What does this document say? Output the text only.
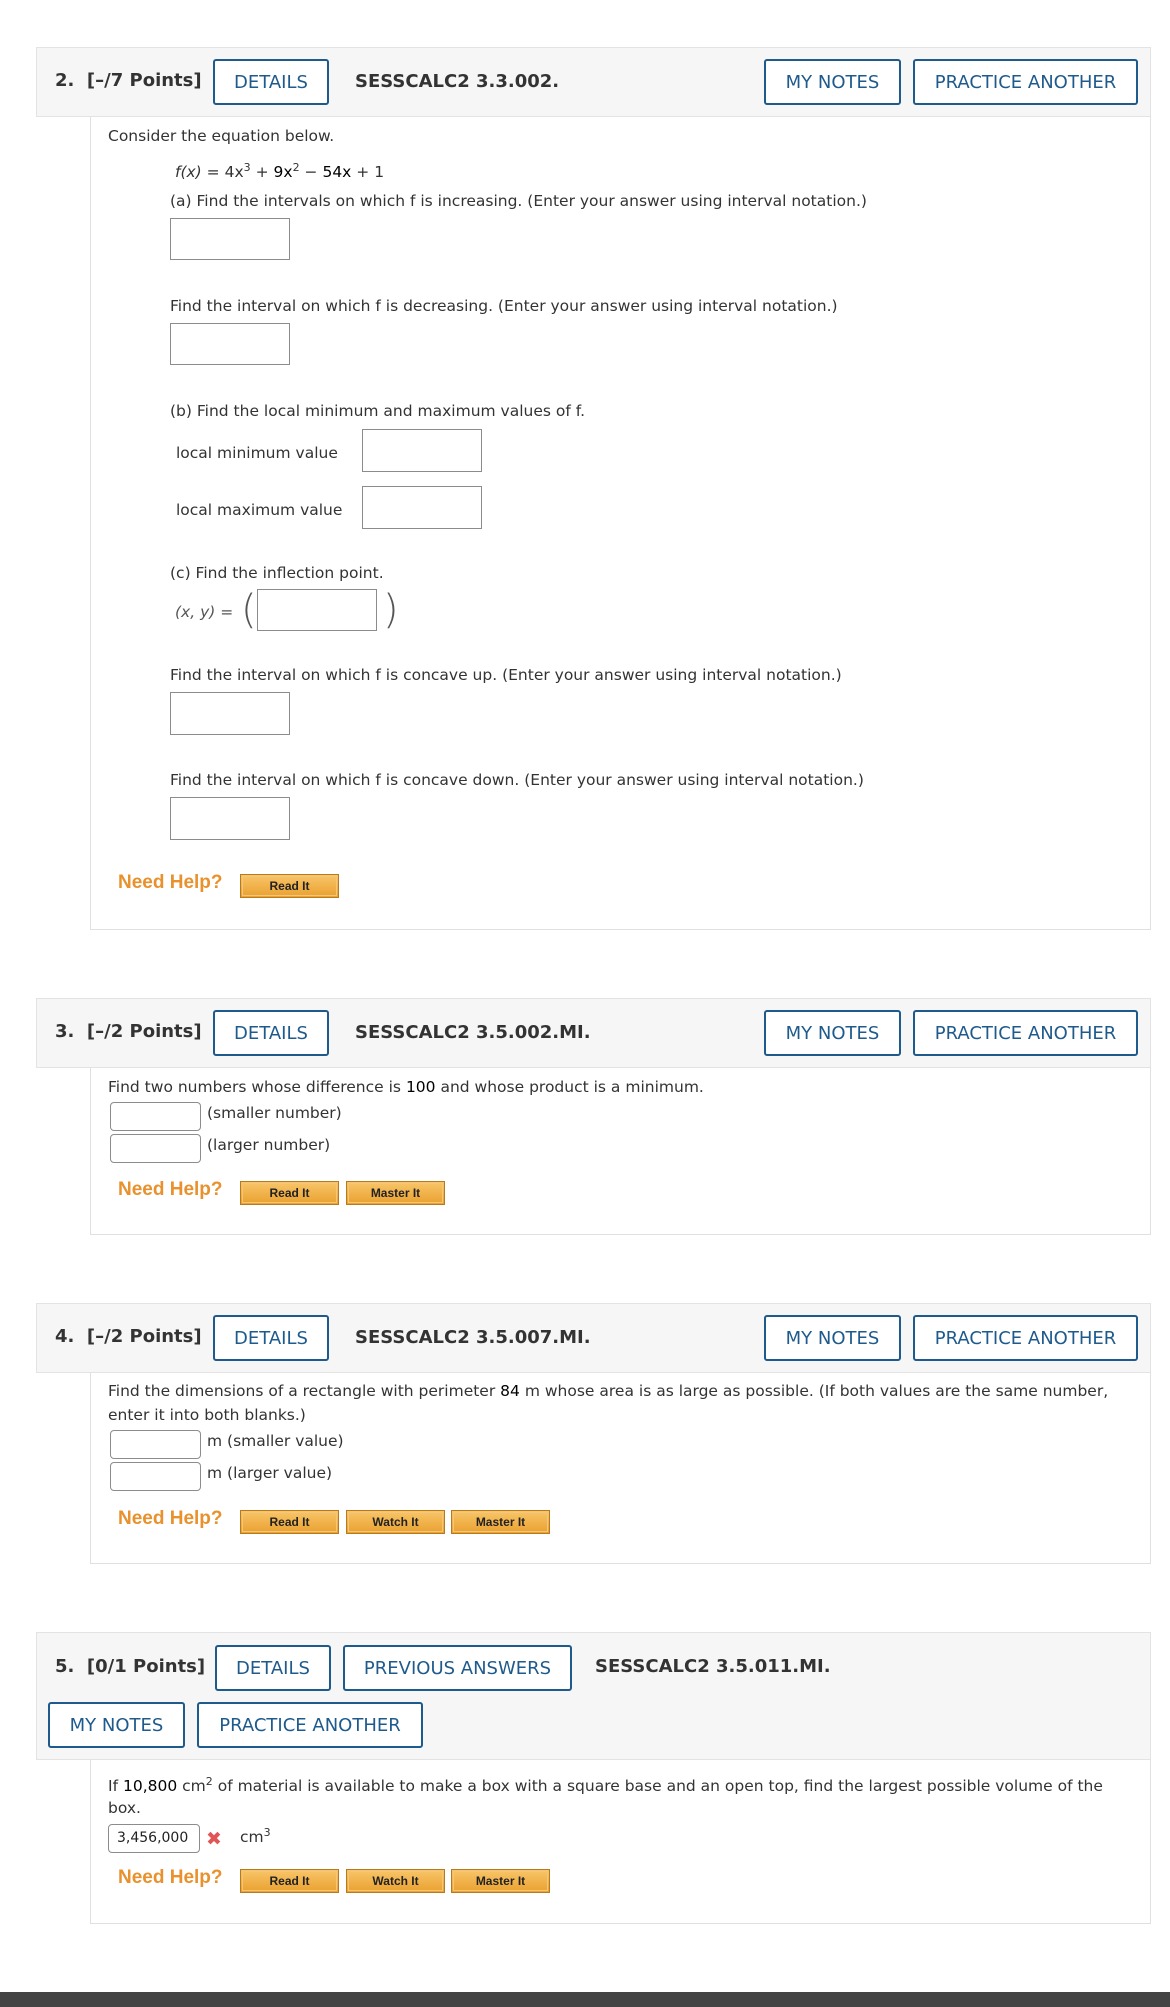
2. [–/7 Points]	DETAILS	SESSCALC2 3.3.002.	MY NOTES	PRACTICE ANOTHER
Consider the equation below.
$f(x) = 4x^3 + 9x^2 - 54x + 1$
(a) Find the intervals on which f is increasing. (Enter your answer using interval notation.)
Find the interval on which f is decreasing. (Enter your answer using interval notation.)
(b) Find the local minimum and maximum values of f.
local minimum value
local maximum value
(c) Find the inflection point.
(x, y) = (	)
Find the interval on which f is concave up. (Enter your answer using interval notation.)
Find the interval on which f is concave down. (Enter your answer using interval notation.)
Need Help?	Read It
3. [–/2 Points]	DETAILS	SESSCALC2 3.5.002.MI.	MY NOTES	PRACTICE ANOTHER
Find two numbers whose difference is 100 and whose product is a minimum.
(smaller number)
(larger number)
Need Help?	Read It	Master It
4. [–/2 Points]	DETAILS	SESSCALC2 3.5.007.MI.	MY NOTES	PRACTICE ANOTHER
Find the dimensions of a rectangle with perimeter 84 m whose area is as large as possible. (If both values are the same number,
enter it into both blanks.)
m (smaller value)
m (larger value)
Need Help?	Read It	Watch It	Master It
5. [0/1 Points]	DETAILS	PREVIOUS ANSWERS	SESSCALC2 3.5.011.MI.
MY NOTES	PRACTICE ANOTHER
If 10,800 $cm^2$ of material is available to make a box with a square base and an open top, find the largest possible volume of the
box.
3,456,000 ✖ $cm^3$
Need Help?	Read It	Watch It	Master It
